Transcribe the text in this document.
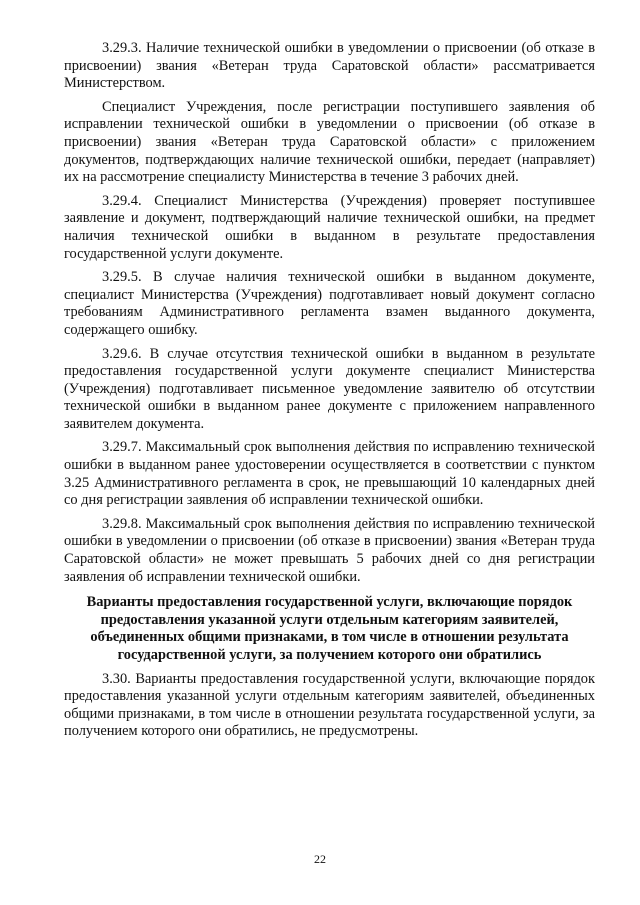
3.29.3. Наличие технической ошибки в уведомлении о присвоении (об отказе в присвоении) звания «Ветеран труда Саратовской области» рассматривается Министерством.

Специалист Учреждения, после регистрации поступившего заявления об исправлении технической ошибки в уведомлении о присвоении (об отказе в присвоении) звания «Ветеран труда Саратовской области» с приложением документов, подтверждающих наличие технической ошибки, передает (направляет) их на рассмотрение специалисту Министерства в течение 3 рабочих дней.

3.29.4. Специалист Министерства (Учреждения) проверяет поступившее заявление и документ, подтверждающий наличие технической ошибки, на предмет наличия технической ошибки в выданном в результате предоставления государственной услуги документе.

3.29.5. В случае наличия технической ошибки в выданном документе, специалист Министерства (Учреждения) подготавливает новый документ согласно требованиям Административного регламента взамен выданного документа, содержащего ошибку.

3.29.6. В случае отсутствия технической ошибки в выданном в результате предоставления государственной услуги документе специалист Министерства (Учреждения) подготавливает письменное уведомление заявителю об отсутствии технической ошибки в выданном ранее документе с приложением направленного заявителем документа.

3.29.7. Максимальный срок выполнения действия по исправлению технической ошибки в выданном ранее удостоверении осуществляется в соответствии с пунктом 3.25 Административного регламента в срок, не превышающий 10 календарных дней со дня регистрации заявления об исправлении технической ошибки.

3.29.8. Максимальный срок выполнения действия по исправлению технической ошибки в уведомлении о присвоении (об отказе в присвоении) звания «Ветеран труда Саратовской области» не может превышать 5 рабочих дней со дня регистрации заявления об исправлении технической ошибки.

Варианты предоставления государственной услуги, включающие порядок предоставления указанной услуги отдельным категориям заявителей, объединенных общими признаками, в том числе в отношении результата государственной услуги, за получением которого они обратились

3.30. Варианты предоставления государственной услуги, включающие порядок предоставления указанной услуги отдельным категориям заявителей, объединенных общими признаками, в том числе в отношении результата государственной услуги, за получением которого они обратились, не предусмотрены.

22
